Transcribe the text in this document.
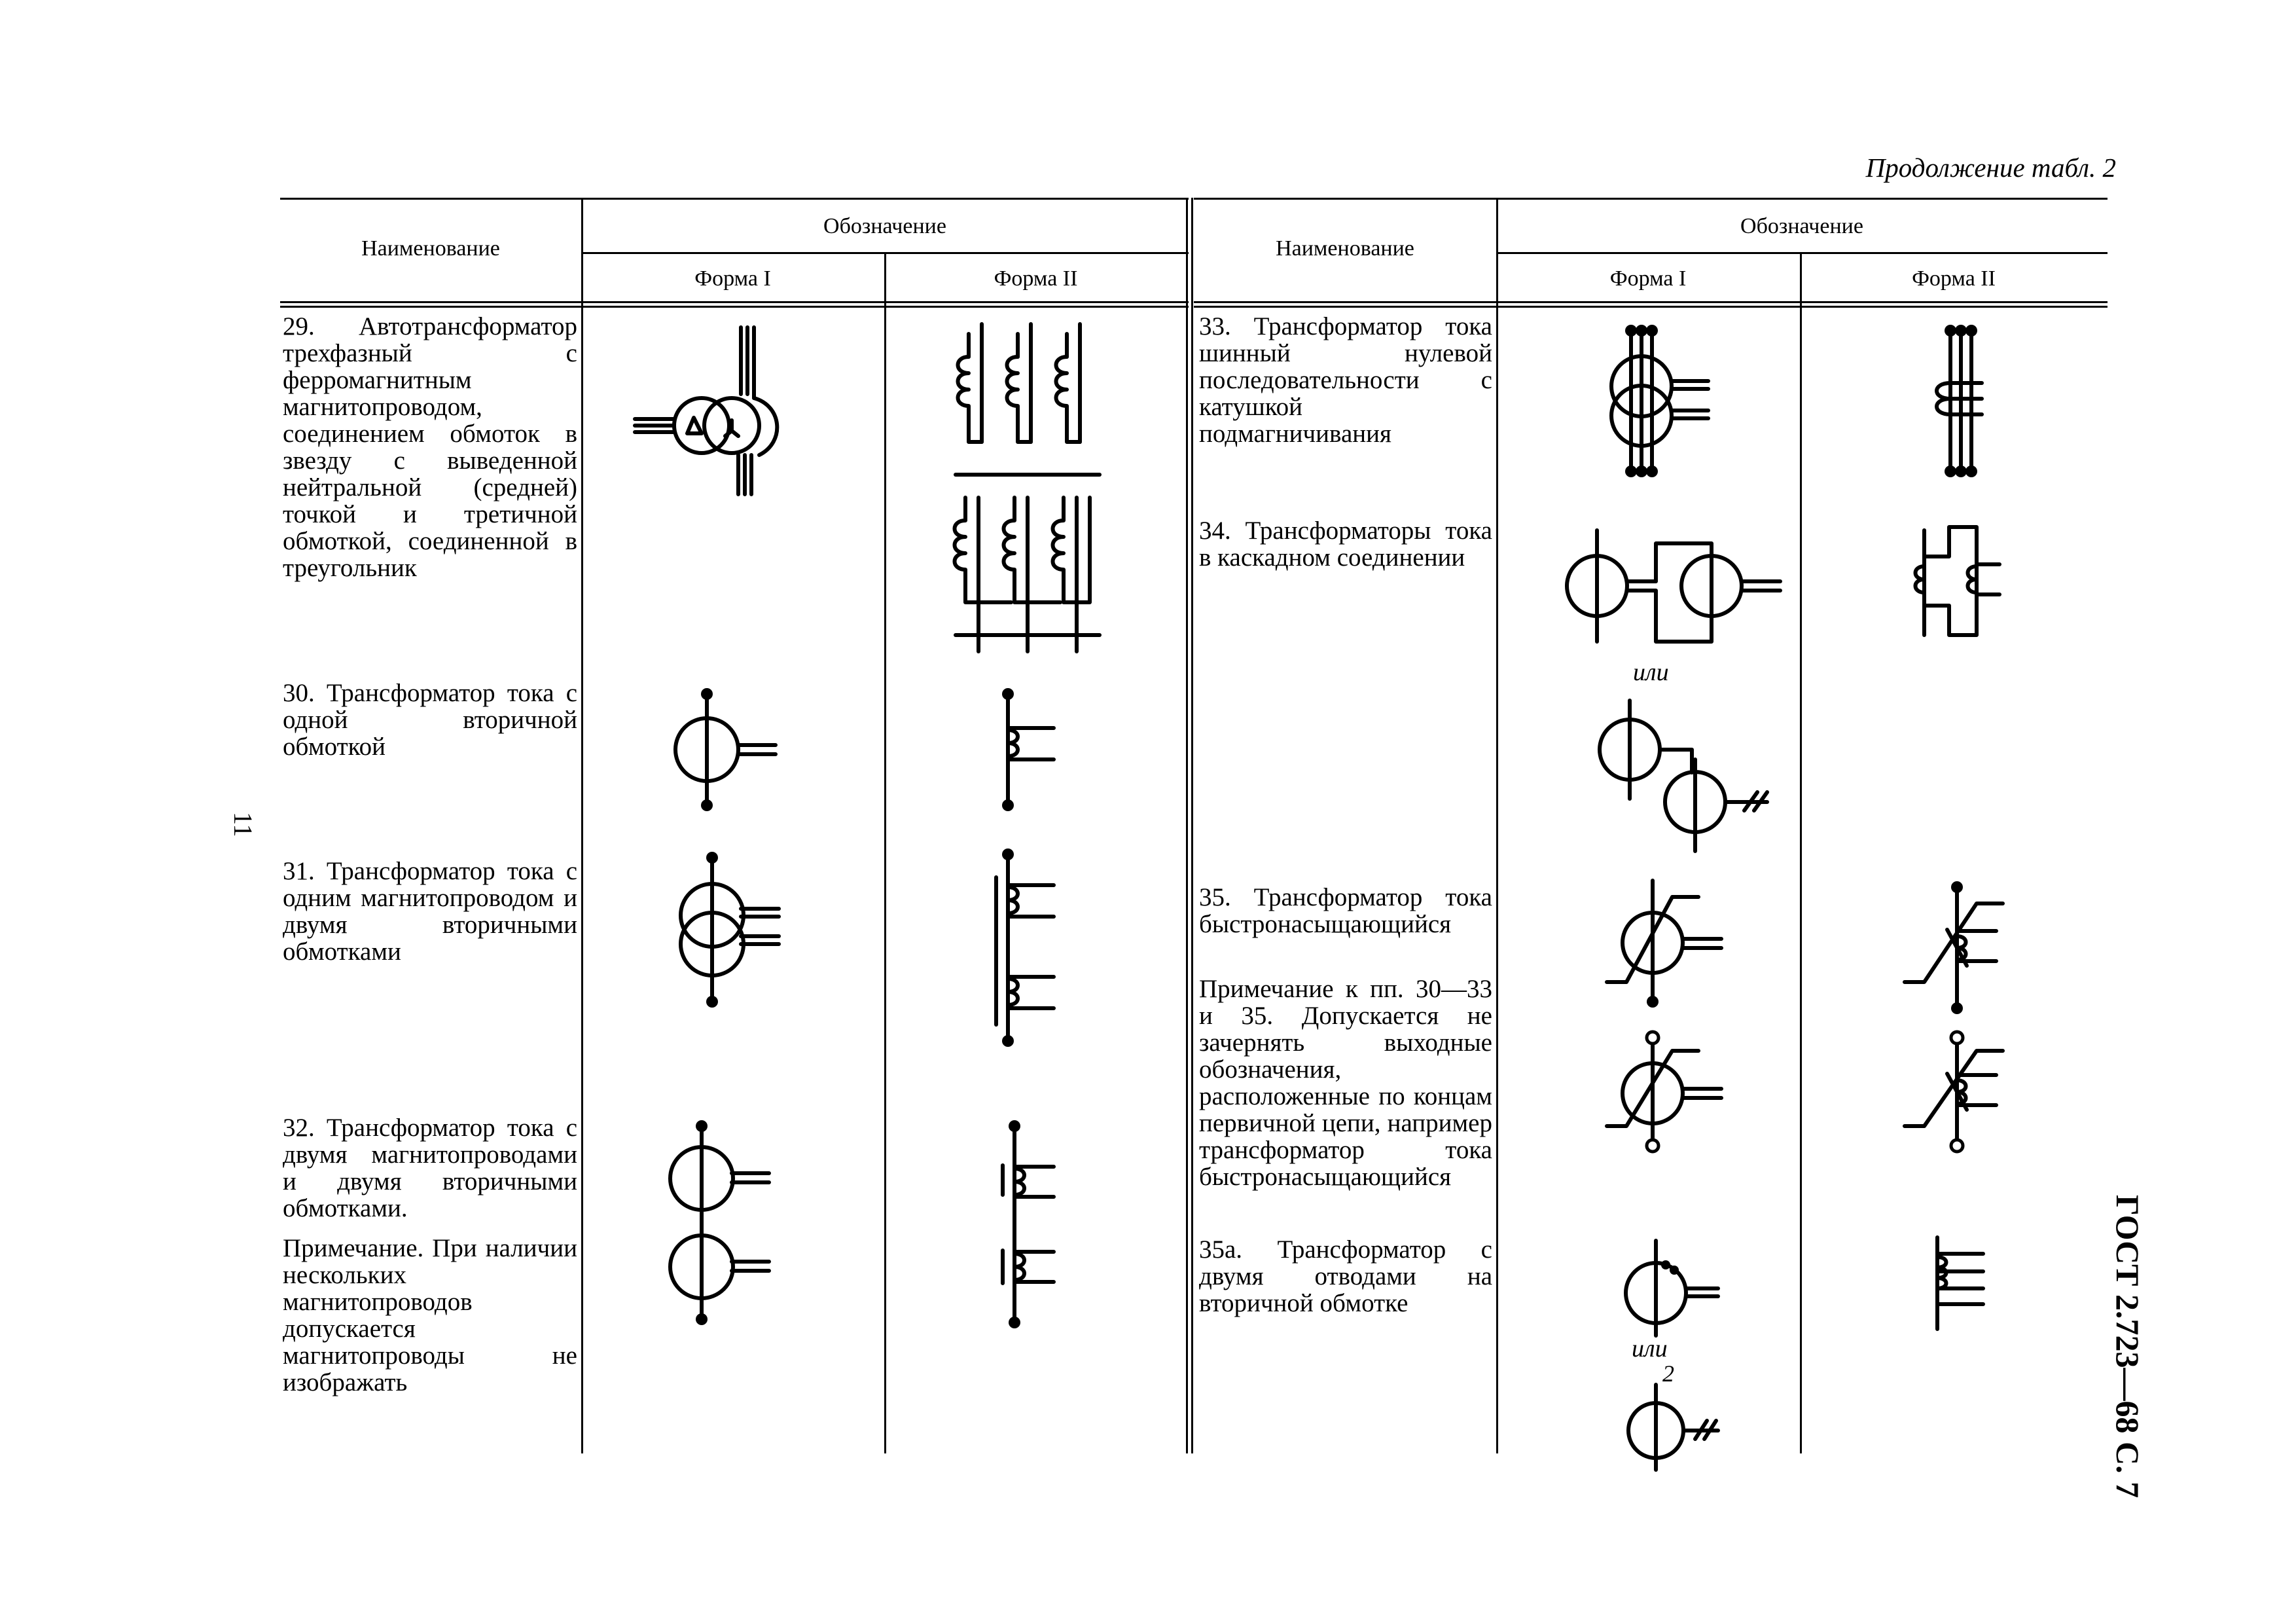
Продолжение табл. 2
11
ГОСТ 2.723—68 С. 7
Наименование
Обозначение
Форма I	Форма II
Наименование
Обозначение
Форма I	Форма II
29. Автотрансформатор трехфазный с ферромагнитным магнитопроводом, соединением обмоток в звезду с выведенной нейтральной (средней) точкой и третичной обмоткой, соединенной в треугольник
30. Трансформатор тока с одной вторичной обмоткой
31. Трансформатор тока с одним магнитопроводом и двумя вторичными обмотками
32. Трансформатор тока с двумя магнитопроводами и двумя вторичными обмотками.
Примечание. При наличии нескольких магнитопроводов допускается магнитопроводы не изображать
33. Трансформатор тока шинный нулевой последовательности с катушкой подмагничивания
34. Трансформаторы тока в каскадном соединении
35. Трансформатор тока быстронасыщающийся
Примечание к пп. 30—33 и 35. Допускается не зачернять выходные обозначения, расположенные по концам первичной цепи, например трансформатор тока быстронасыщающийся
35а. Трансформатор с двумя отводами на вторичной обмотке
или
или
2
